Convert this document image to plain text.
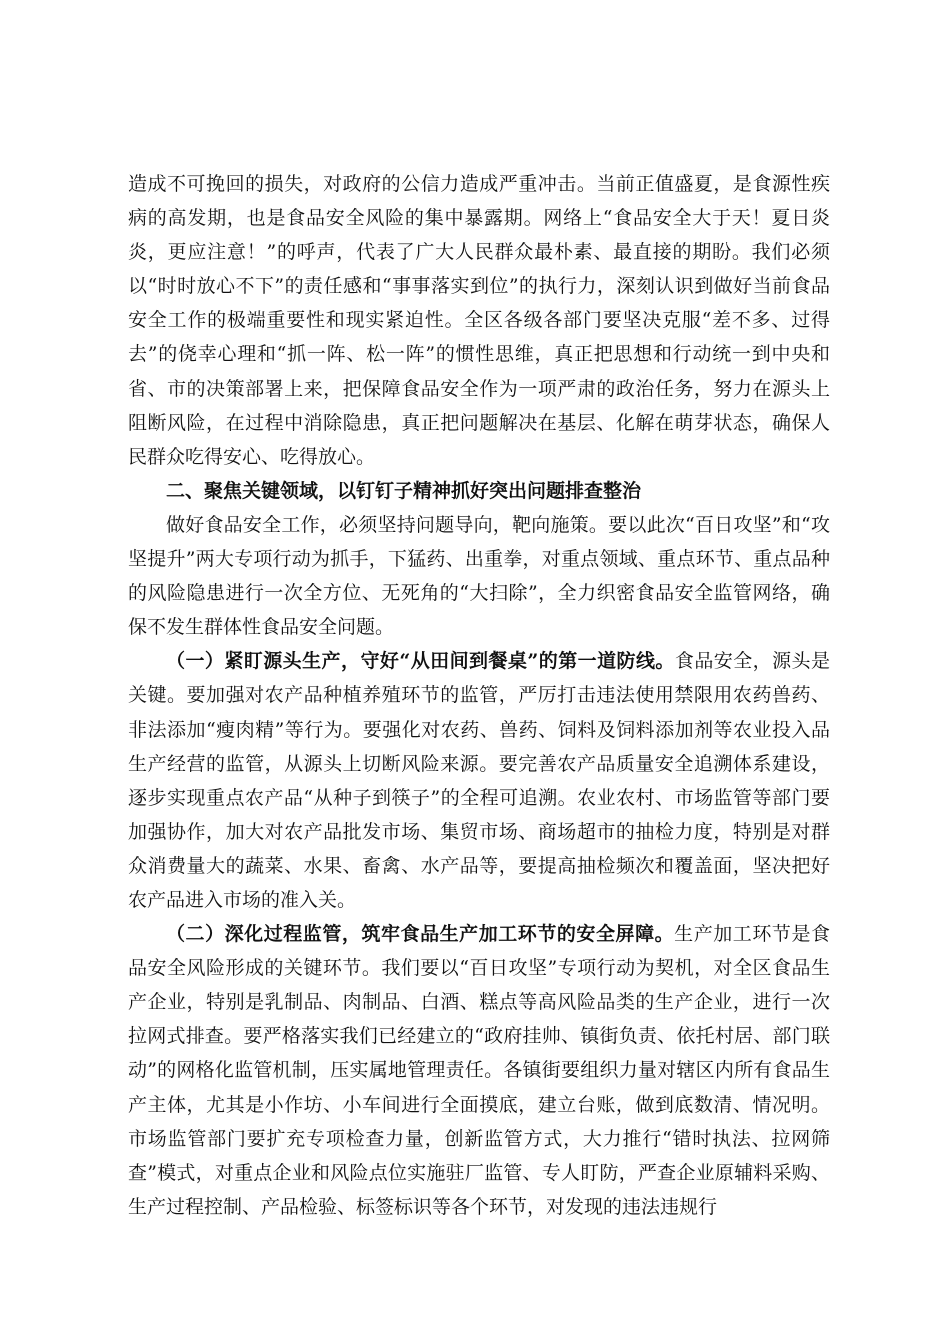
造成不可挽回的损失，对政府的公信力造成严重冲击。当前正值盛夏，是食源性疾病的高发期，也是食品安全风险的集中暴露期。网络上“食品安全大于天！夏日炎炎，更应注意！”的呼声，代表了广大人民群众最朴素、最直接的期盼。我们必须以“时时放心不下”的责任感和“事事落实到位”的执行力，深刻认识到做好当前食品安全工作的极端重要性和现实紧迫性。全区各级各部门要坚决克服“差不多、过得去”的侥幸心理和“抓一阵、松一阵”的惯性思维，真正把思想和行动统一到中央和省、市的决策部署上来，把保障食品安全作为一项严肃的政治任务，努力在源头上阻断风险，在过程中消除隐患，真正把问题解决在基层、化解在萌芽状态，确保人民群众吃得安心、吃得放心。

二、聚焦关键领域，以钉钉子精神抓好突出问题排查整治

做好食品安全工作，必须坚持问题导向，靶向施策。要以此次“百日攻坚”和“攻坚提升”两大专项行动为抓手，下猛药、出重拳，对重点领域、重点环节、重点品种的风险隐患进行一次全方位、无死角的“大扫除”，全力织密食品安全监管网络，确保不发生群体性食品安全问题。

（一）紧盯源头生产，守好“从田间到餐桌”的第一道防线。食品安全，源头是关键。要加强对农产品种植养殖环节的监管，严厉打击违法使用禁限用农药兽药、非法添加“瘦肉精”等行为。要强化对农药、兽药、饲料及饲料添加剂等农业投入品生产经营的监管，从源头上切断风险来源。要完善农产品质量安全追溯体系建设，逐步实现重点农产品“从种子到筷子”的全程可追溯。农业农村、市场监管等部门要加强协作，加大对农产品批发市场、集贸市场、商场超市的抽检力度，特别是对群众消费量大的蔬菜、水果、畜禽、水产品等，要提高抽检频次和覆盖面，坚决把好农产品进入市场的准入关。

（二）深化过程监管，筑牢食品生产加工环节的安全屏障。生产加工环节是食品安全风险形成的关键环节。我们要以“百日攻坚”专项行动为契机，对全区食品生产企业，特别是乳制品、肉制品、白酒、糕点等高风险品类的生产企业，进行一次拉网式排查。要严格落实我们已经建立的“政府挂帅、镇街负责、依托村居、部门联动”的网格化监管机制，压实属地管理责任。各镇街要组织力量对辖区内所有食品生产主体，尤其是小作坊、小车间进行全面摸底，建立台账，做到底数清、情况明。市场监管部门要扩充专项检查力量，创新监管方式，大力推行“错时执法、拉网筛查”模式，对重点企业和风险点位实施驻厂监管、专人盯防，严查企业原辅料采购、生产过程控制、产品检验、标签标识等各个环节，对发现的违法违规行
